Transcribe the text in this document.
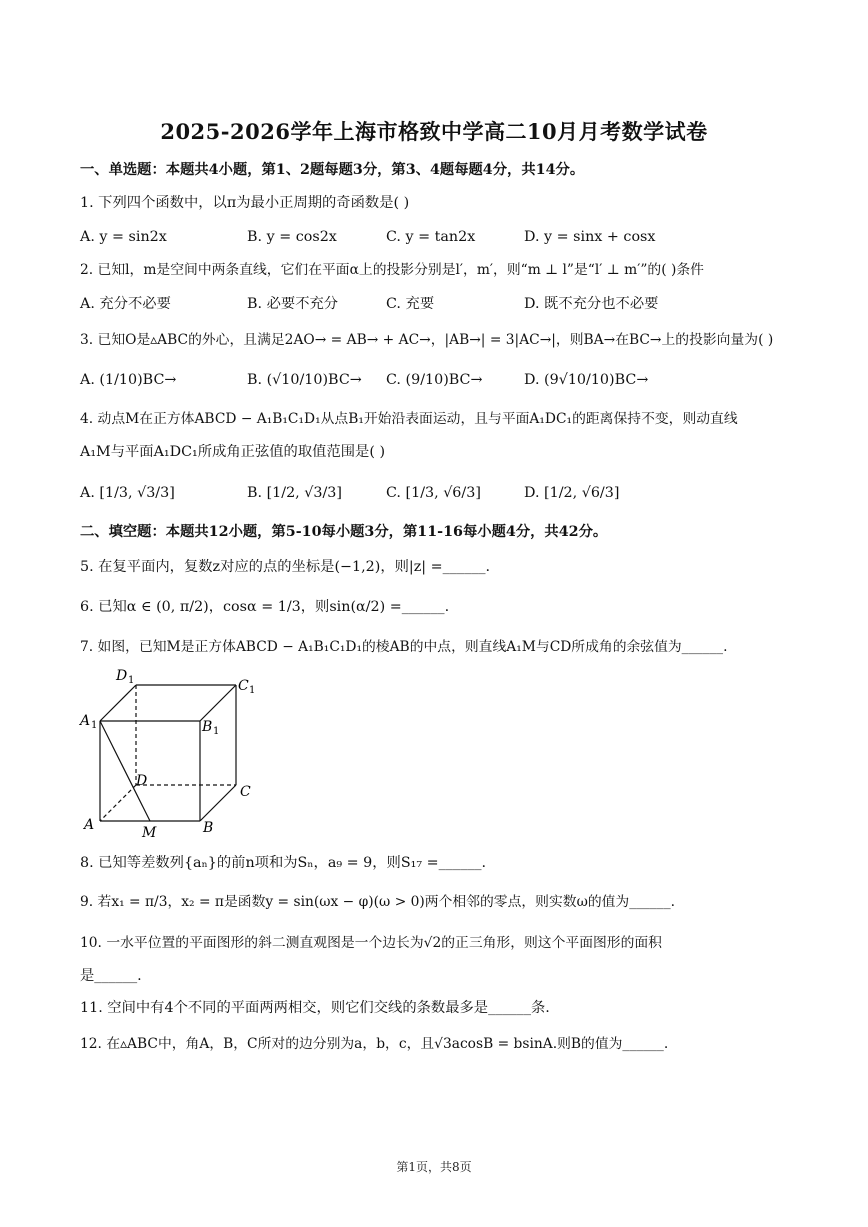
2025-2026学年上海市格致中学高二10月月考数学试卷
一、单选题：本题共4小题，第1、2题每题3分，第3、4题每题4分，共14分。
1. 下列四个函数中，以π为最小正周期的奇函数是( )
A. y = sin2x	B. y = cos2x	C. y = tan2x	D. y = sinx + cosx
2. 已知l，m是空间中两条直线，它们在平面α上的投影分别是l′，m′，则“m ⊥ l”是“l′ ⊥ m′”的( )条件
A. 充分不必要	B. 必要不充分	C. 充要	D. 既不充分也不必要
3. 已知O是▵ABC的外心，且满足2AO→ = AB→ + AC→，|AB→| = 3|AC→|，则BA→在BC→上的投影向量为( )
A. (1/10)BC→	B. (√10/10)BC→ C. (9/10)BC→	D. (9√10/10)BC→
4. 动点M在正方体ABCD − A₁B₁C₁D₁从点B₁开始沿表面运动，且与平面A₁DC₁的距离保持不变，则动直线
A₁M与平面A₁DC₁所成角正弦值的取值范围是( )
A. [1/3, √3/3]	B. [1/2, √3/3]	C. [1/3, √6/3]	D. [1/2, √6/3]
二、填空题：本题共12小题，第5-10每小题3分，第11-16每小题4分，共42分。
5. 在复平面内，复数z对应的点的坐标是(−1,2)，则|z| =______.
6. 已知α ∈ (0, π/2)，cosα = 1/3，则sin(α/2) =______.
7. 如图，已知M是正方体ABCD − A₁B₁C₁D₁的棱AB的中点，则直线A₁M与CD所成角的余弦值为______.
D 1	C 1
A 1	B 1
D
C
A	B
M
8. 已知等差数列{aₙ}的前n项和为Sₙ，a₉ = 9，则S₁₇ =______.
9. 若x₁ = π/3，x₂ = π是函数y = sin(ωx − φ)(ω > 0)两个相邻的零点，则实数ω的值为______.
10. 一水平位置的平面图形的斜二测直观图是一个边长为√2的正三角形，则这个平面图形的面积
是______.
11. 空间中有4个不同的平面两两相交，则它们交线的条数最多是______条.
12. 在▵ABC中，角A，B，C所对的边分别为a，b，c，且√3acosB = bsinA.则B的值为______.
第1页，共8页
